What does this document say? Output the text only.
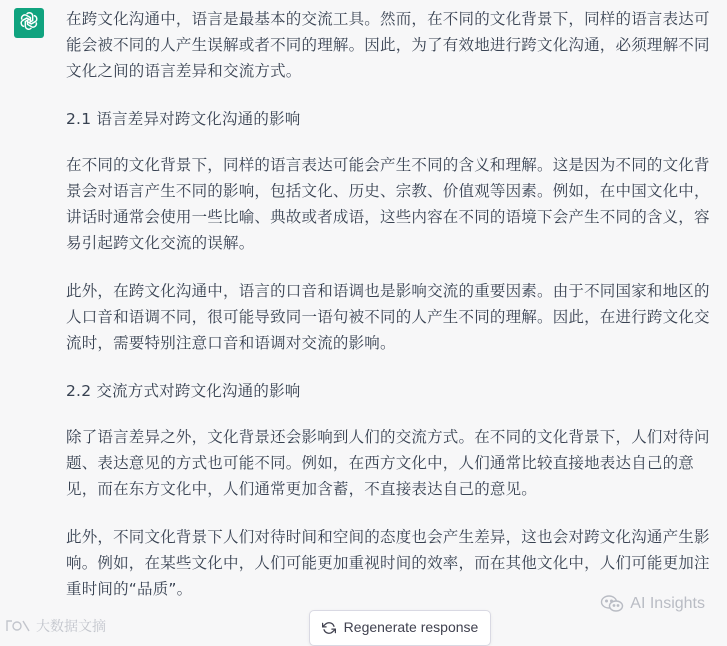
在跨文化沟通中，语言是最基本的交流工具。然而，在不同的文化背景下，同样的语言表达可能会被不同的人产生误解或者不同的理解。因此，为了有效地进行跨文化沟通，必须理解不同文化之间的语言差异和交流方式。

2.1 语言差异对跨文化沟通的影响

在不同的文化背景下，同样的语言表达可能会产生不同的含义和理解。这是因为不同的文化背景会对语言产生不同的影响，包括文化、历史、宗教、价值观等因素。例如，在中国文化中，讲话时通常会使用一些比喻、典故或者成语，这些内容在不同的语境下会产生不同的含义，容易引起跨文化交流的误解。

此外，在跨文化沟通中，语言的口音和语调也是影响交流的重要因素。由于不同国家和地区的人口音和语调不同，很可能导致同一语句被不同的人产生不同的理解。因此，在进行跨文化交流时，需要特别注意口音和语调对交流的影响。

2.2 交流方式对跨文化沟通的影响

除了语言差异之外，文化背景还会影响到人们的交流方式。在不同的文化背景下，人们对待问题、表达意见的方式也可能不同。例如，在西方文化中，人们通常比较直接地表达自己的意见，而在东方文化中，人们通常更加含蓄，不直接表达自己的意见。

此外，不同文化背景下人们对待时间和空间的态度也会产生差异，这也会对跨文化沟通产生影响。例如，在某些文化中，人们可能更加重视时间的效率，而在其他文化中，人们可能更加注重时间的“品质”。

大数据文摘	Regenerate response
AI Insights
